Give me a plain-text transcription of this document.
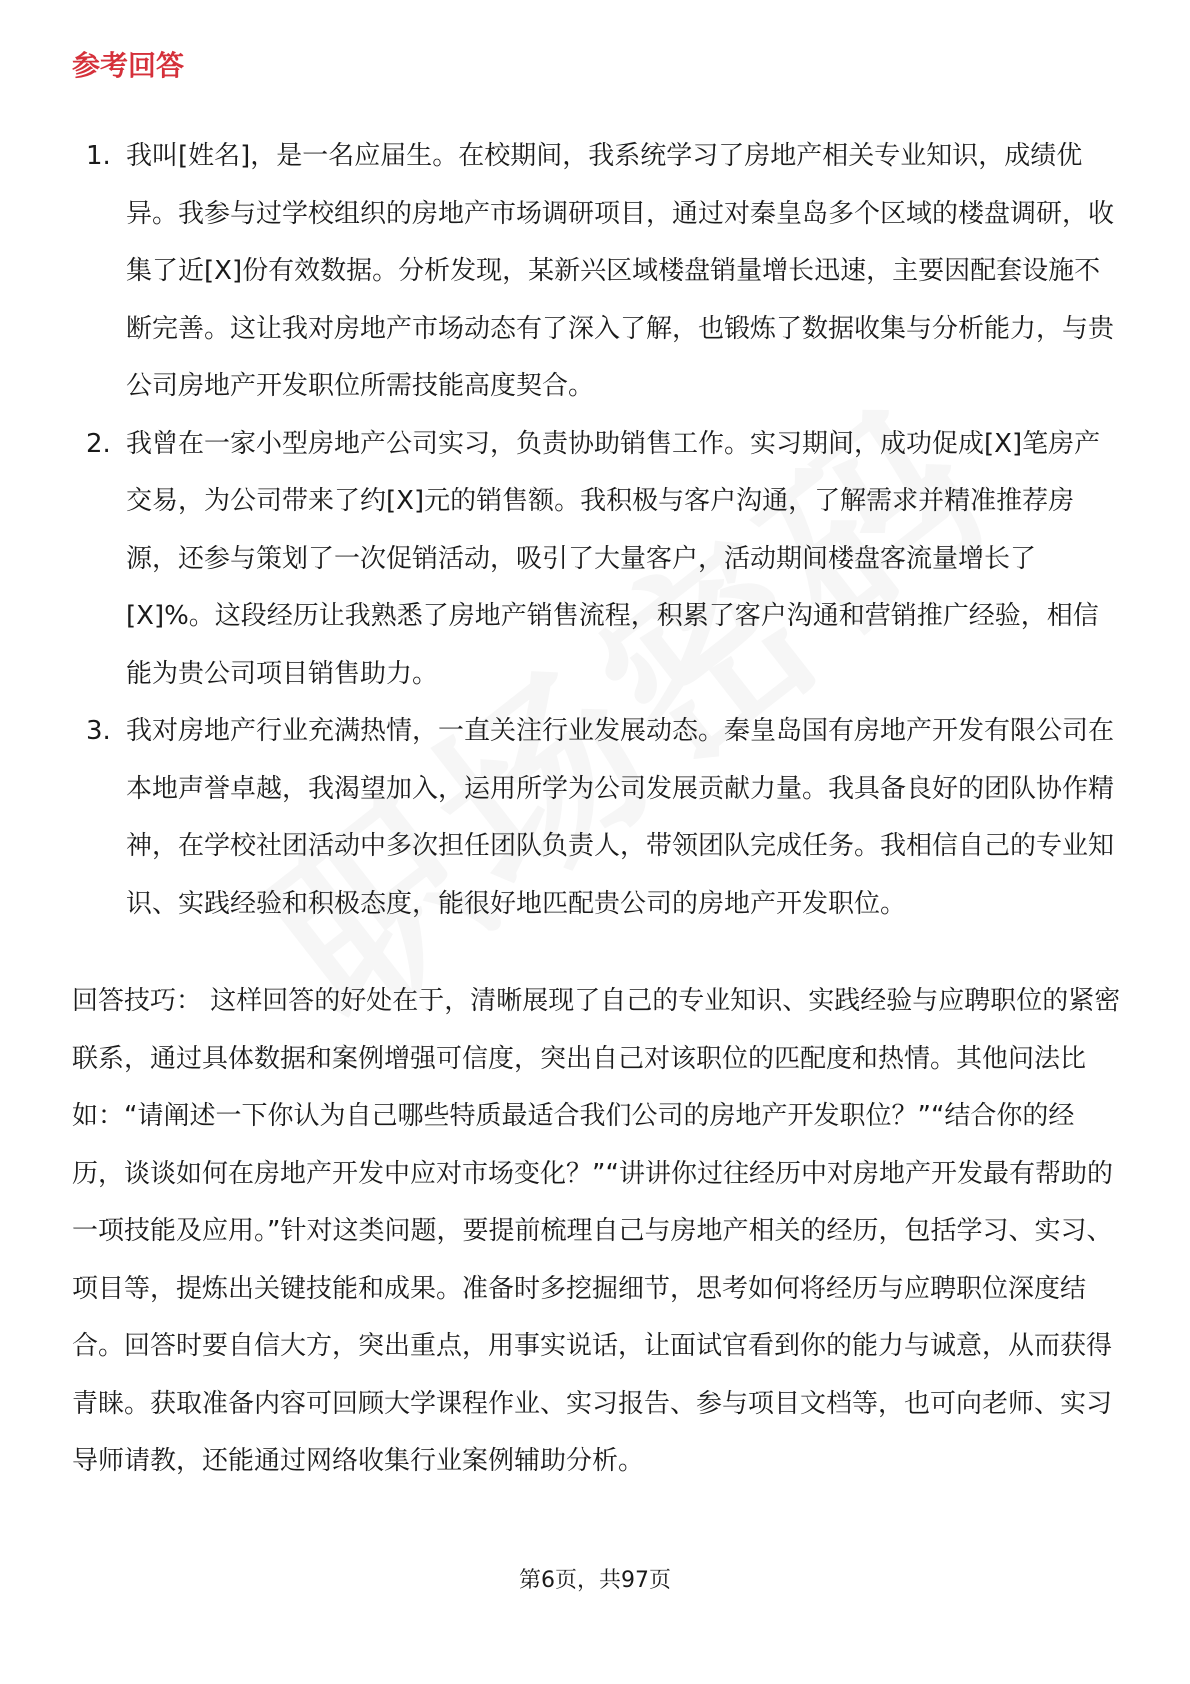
参考回答
1. 我叫[姓名]，是一名应届生。在校期间，我系统学习了房地产相关专业知识，成绩优异。我参与过学校组织的房地产市场调研项目，通过对秦皇岛多个区域的楼盘调研，收集了近[X]份有效数据。分析发现，某新兴区域楼盘销量增长迅速，主要因配套设施不断完善。这让我对房地产市场动态有了深入了解，也锻炼了数据收集与分析能力，与贵公司房地产开发职位所需技能高度契合。
2. 我曾在一家小型房地产公司实习，负责协助销售工作。实习期间，成功促成[X]笔房产交易，为公司带来了约[X]元的销售额。我积极与客户沟通，了解需求并精准推荐房源，还参与策划了一次促销活动，吸引了大量客户，活动期间楼盘客流量增长了[X]%。这段经历让我熟悉了房地产销售流程，积累了客户沟通和营销推广经验，相信能为贵公司项目销售助力。
3. 我对房地产行业充满热情，一直关注行业发展动态。秦皇岛国有房地产开发有限公司在本地声誉卓越，我渴望加入，运用所学为公司发展贡献力量。我具备良好的团队协作精神，在学校社团活动中多次担任团队负责人，带领团队完成任务。我相信自己的专业知识、实践经验和积极态度，能很好地匹配贵公司的房地产开发职位。
回答技巧： 这样回答的好处在于，清晰展现了自己的专业知识、实践经验与应聘职位的紧密联系，通过具体数据和案例增强可信度，突出自己对该职位的匹配度和热情。其他问法比如：“请阐述一下你认为自己哪些特质最适合我们公司的房地产开发职位？”“结合你的经历，谈谈如何在房地产开发中应对市场变化？”“讲讲你过往经历中对房地产开发最有帮助的一项技能及应用。”针对这类问题，要提前梳理自己与房地产相关的经历，包括学习、实习、项目等，提炼出关键技能和成果。准备时多挖掘细节，思考如何将经历与应聘职位深度结合。回答时要自信大方，突出重点，用事实说话，让面试官看到你的能力与诚意，从而获得青睐。获取准备内容可回顾大学课程作业、实习报告、参与项目文档等，也可向老师、实习导师请教，还能通过网络收集行业案例辅助分析。
第6页，共97页
